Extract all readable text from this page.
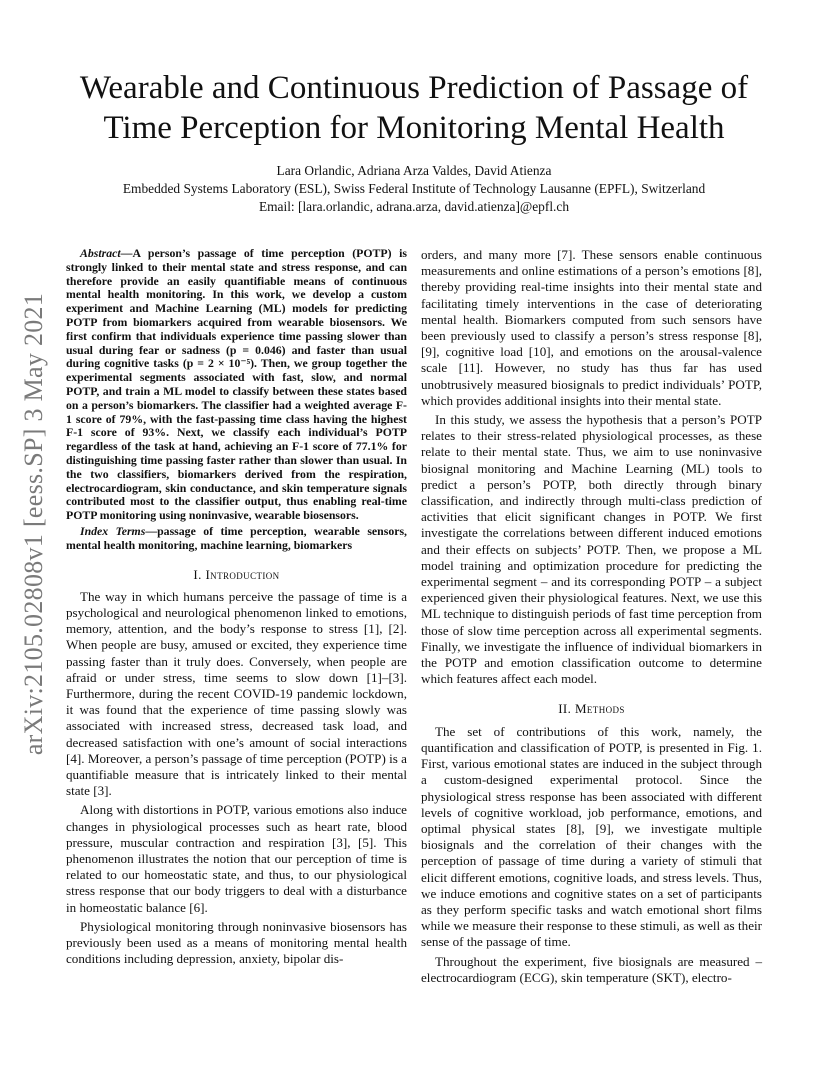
arXiv:2105.02808v1 [eess.SP] 3 May 2021
Wearable and Continuous Prediction of Passage of Time Perception for Monitoring Mental Health
Lara Orlandic, Adriana Arza Valdes, David Atienza
Embedded Systems Laboratory (ESL), Swiss Federal Institute of Technology Lausanne (EPFL), Switzerland
Email: [lara.orlandic, adrana.arza, david.atienza]@epfl.ch

Abstract—A person’s passage of time perception (POTP) is strongly linked to their mental state and stress response, and can therefore provide an easily quantifiable means of continuous mental health monitoring. In this work, we develop a custom experiment and Machine Learning (ML) models for predicting POTP from biomarkers acquired from wearable biosensors. We first confirm that individuals experience time passing slower than usual during fear or sadness (p = 0.046) and faster than usual during cognitive tasks (p = 2 × 10⁻⁵). Then, we group together the experimental segments associated with fast, slow, and normal POTP, and train a ML model to classify between these states based on a person’s biomarkers. The classifier had a weighted average F-1 score of 79%, with the fast-passing time class having the highest F-1 score of 93%. Next, we classify each individual’s POTP regardless of the task at hand, achieving an F-1 score of 77.1% for distinguishing time passing faster rather than slower than usual. In the two classifiers, biomarkers derived from the respiration, electrocardiogram, skin conductance, and skin temperature signals contributed most to the classifier output, thus enabling real-time POTP monitoring using noninvasive, wearable biosensors.

Index Terms—passage of time perception, wearable sensors, mental health monitoring, machine learning, biomarkers

I. Introduction

The way in which humans perceive the passage of time is a psychological and neurological phenomenon linked to emotions, memory, attention, and the body’s response to stress [1], [2]. When people are busy, amused or excited, they experience time passing faster than it truly does. Conversely, when people are afraid or under stress, time seems to slow down [1]–[3]. Furthermore, during the recent COVID-19 pandemic lockdown, it was found that the experience of time passing slowly was associated with increased stress, decreased task load, and decreased satisfaction with one’s amount of social interactions [4]. Moreover, a person’s passage of time perception (POTP) is a quantifiable measure that is intricately linked to their mental state [3].

Along with distortions in POTP, various emotions also induce changes in physiological processes such as heart rate, blood pressure, muscular contraction and respiration [3], [5]. This phenomenon illustrates the notion that our perception of time is related to our homeostatic state, and thus, to our physiological stress response that our body triggers to deal with a disturbance in homeostatic balance [6].

Physiological monitoring through noninvasive biosensors has previously been used as a means of monitoring mental health conditions including depression, anxiety, bipolar dis-

orders, and many more [7]. These sensors enable continuous measurements and online estimations of a person’s emotions [8], thereby providing real-time insights into their mental state and facilitating timely interventions in the case of deteriorating mental health. Biomarkers computed from such sensors have been previously used to classify a person’s stress response [8], [9], cognitive load [10], and emotions on the arousal-valence scale [11]. However, no study has thus far has used unobtrusively measured biosignals to predict individuals’ POTP, which provides additional insights into their mental state.

In this study, we assess the hypothesis that a person’s POTP relates to their stress-related physiological processes, as these relate to their mental state. Thus, we aim to use noninvasive biosignal monitoring and Machine Learning (ML) tools to predict a person’s POTP, both directly through binary classification, and indirectly through multi-class prediction of activities that elicit significant changes in POTP. We first investigate the correlations between different induced emotions and their effects on subjects’ POTP. Then, we propose a ML model training and optimization procedure for predicting the experimental segment – and its corresponding POTP – a subject experienced given their physiological features. Next, we use this ML technique to distinguish periods of fast time perception from those of slow time perception across all experimental segments. Finally, we investigate the influence of individual biomarkers in the POTP and emotion classification outcome to determine which features affect each model.

II. Methods

The set of contributions of this work, namely, the quantification and classification of POTP, is presented in Fig. 1. First, various emotional states are induced in the subject through a custom-designed experimental protocol. Since the physiological stress response has been associated with different levels of cognitive workload, job performance, emotions, and optimal physical states [8], [9], we investigate multiple biosignals and the correlation of their changes with the perception of passage of time during a variety of stimuli that elicit different emotions, cognitive loads, and stress levels. Thus, we induce emotions and cognitive states on a set of participants as they perform specific tasks and watch emotional short films while we measure their response to these stimuli, as well as their sense of the passage of time.

Throughout the experiment, five biosignals are measured – electrocardiogram (ECG), skin temperature (SKT), electro-
